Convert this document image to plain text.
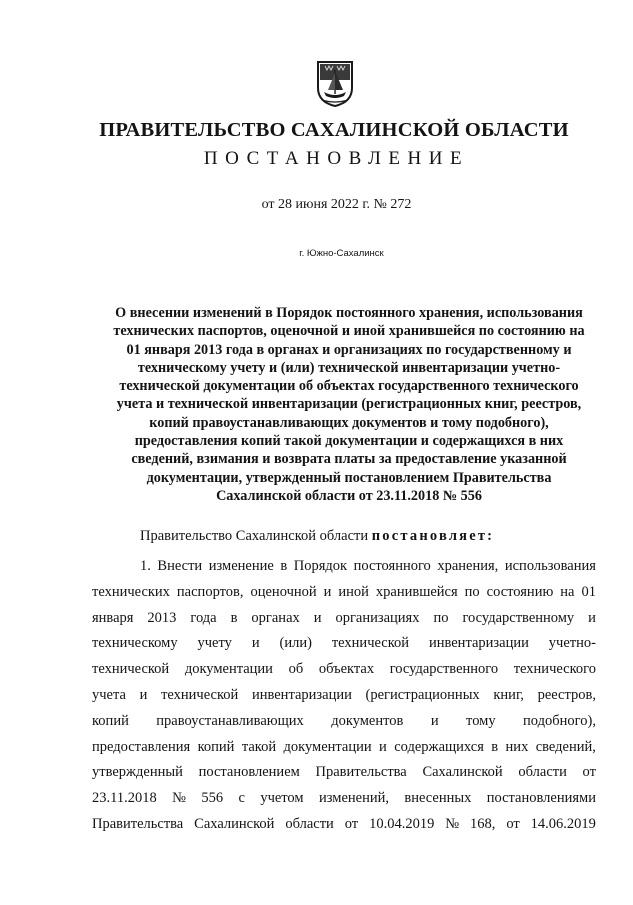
ПРАВИТЕЛЬСТВО САХАЛИНСКОЙ ОБЛАСТИ
ПОСТАНОВЛЕНИЕ
от 28 июня 2022 г. № 272
г. Южно-Сахалинск
О внесении изменений в Порядок постоянного хранения, использования
технических паспортов, оценочной и иной хранившейся по состоянию на
01 января 2013 года в органах и организациях по государственному и
техническому учету и (или) технической инвентаризации учетно-
технической документации об объектах государственного технического
учета и технической инвентаризации (регистрационных книг, реестров,
копий правоустанавливающих документов и тому подобного),
предоставления копий такой документации и содержащихся в них
сведений, взимания и возврата платы за предоставление указанной
документации, утвержденный постановлением Правительства
Сахалинской области от 23.11.2018 № 556
Правительство Сахалинской области постановляет:
1. Внести изменение в Порядок постоянного хранения, использования
технических паспортов, оценочной и иной хранившейся по состоянию на 01
января 2013 года в органах и организациях по государственному и
техническому учету и (или) технической инвентаризации учетно-
технической документации об объектах государственного технического
учета и технической инвентаризации (регистрационных книг, реестров,
копий правоустанавливающих документов и тому подобного),
предоставления копий такой документации и содержащихся в них сведений,
утвержденный постановлением Правительства Сахалинской области от
23.11.2018 № 556 с учетом изменений, внесенных постановлениями
Правительства Сахалинской области от 10.04.2019 № 168, от 14.06.2019
